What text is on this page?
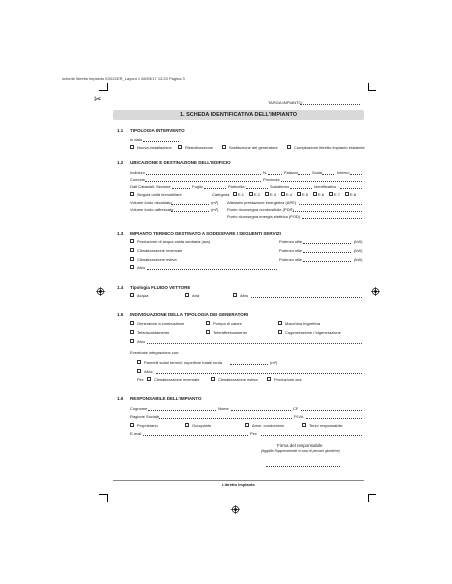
schede libretto impianto E2621ER_Layout 1 08/03/17 12:20 Pagina 3
✂	TARGA IMPIANTO:
1. SCHEDA IDENTIFICATIVA DELL'IMPIANTO
1.1 TIPOLOGIA INTERVENTO
in data
Nuova installazione	Ristrutturazione	Sostituzione del generatore	Compilazione libretto impianto esistente
1.2 UBICAZIONE E DESTINAZIONE DELL'EDIFICIO
Indirizzo	N.	Palazzo	Scala	Interno
Comune	Provincia
Dati Catastali: Sezione	Foglio	Particella	Subalterno	Identificativo
Singola unità immobiliare	Categoria E.1 E.2 E.3 E.4 E.5 E.6 E.7 E.8
Volume lordo riscaldato	(m³) Attestato prestazione energetica (APE)
Volume lordo raffrescato	(m³) Punto riconsegna combustibile (PDR)
Punto riconsegna energia elettrica (POD)
1.3 IMPIANTO TERMICO DESTINATO A SODDISFARE I SEGUENTI SERVIZI
Produzione di acqua calda sanitaria (acs)	Potenza utile	(kW)
Climatizzazione invernale	Potenza utile	(kW)
Climatizzazione estiva	Potenza utile	(kW)
Altro
1.4 Tipologia FLUIDO VETTORE
Acqua	Aria	Altro
1.5 INDIVIDUAZIONE DELLA TIPOLOGIA DEI GENERATORI
Generatore a combustione	Pompa di calore	Macchina frigorifera
Teleriscaldamento	Teleraffrescamento	Cogenerazione / trigenerazione
Altro
Eventuale integrazione con:
Pannelli solari termici: superficie totale lorda	(m²)
Altro:
Per: Climatizzazione invernale	Climatizzazione estiva	Produzione acs
1.6 RESPONSABILE DELL'IMPIANTO
Cognome	Nome	CF
Ragione Sociale	P.IVA
Proprietario	Occupante	Amm. condominio	Terzo responsabile
E-mail	Pec
Firma del responsabile
(leggibile Rappresentante in caso di persone giuridiche)
Libretto impianto
